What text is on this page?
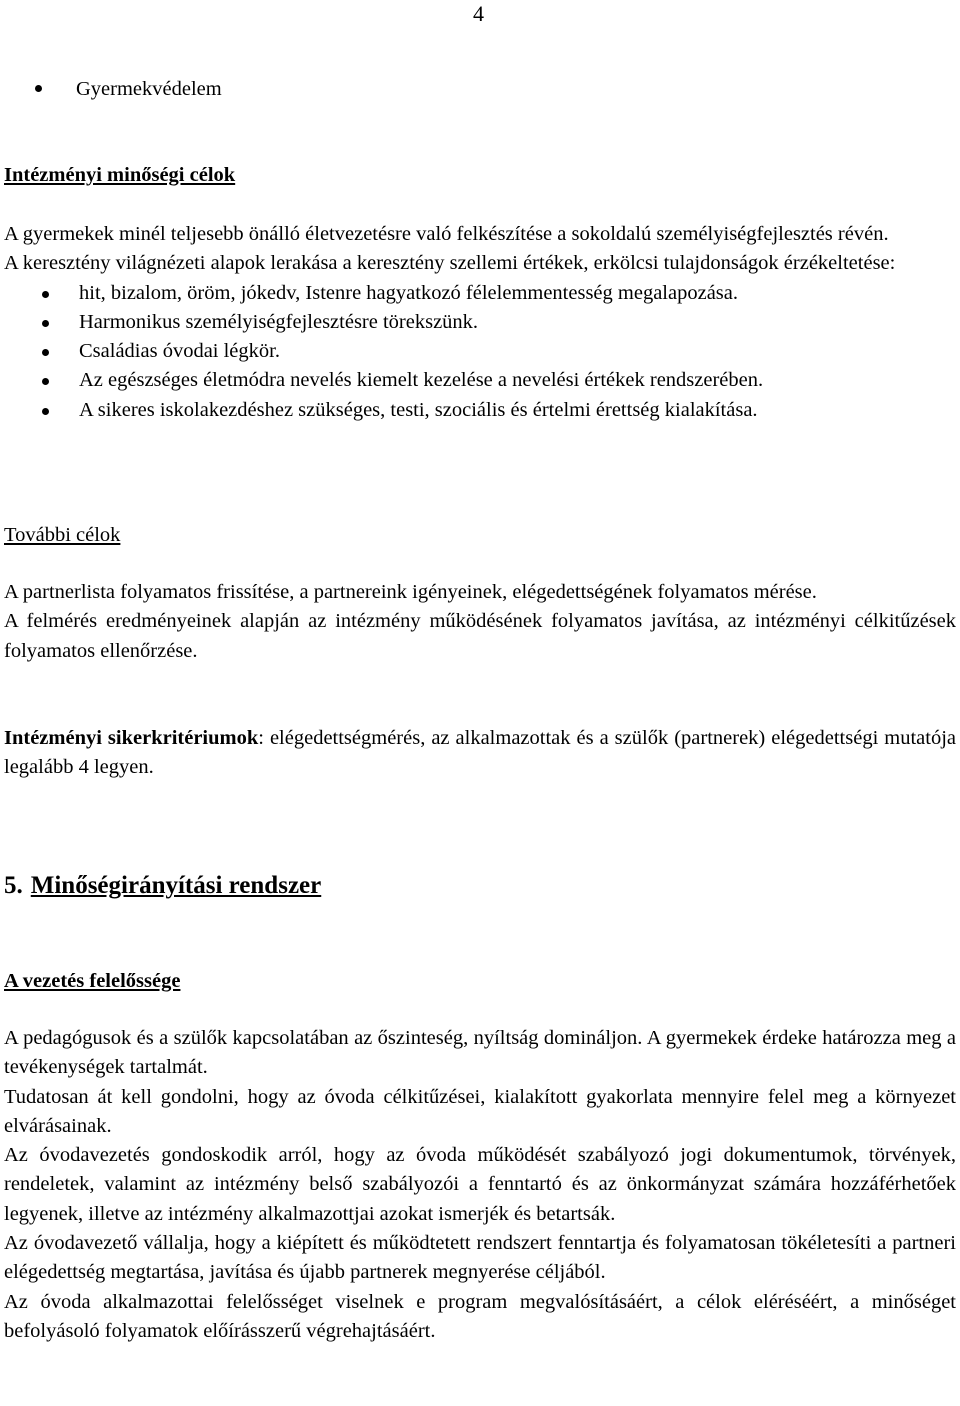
4
Gyermekvédelem
Intézményi minőségi célok

A gyermekek minél teljesebb önálló életvezetésre való felkészítése a sokoldalú személyiségfejlesztés révén.

A keresztény világnézeti alapok lerakása a keresztény szellemi értékek, erkölcsi tulajdonságok érzékeltetése:

hit, bizalom, öröm, jókedv, Istenre hagyatkozó félelemmentesség megalapozása.
Harmonikus személyiségfejlesztésre törekszünk.
Családias óvodai légkör.
Az egészséges életmódra nevelés kiemelt kezelése a nevelési értékek rendszerében.
A sikeres iskolakezdéshez szükséges, testi, szociális és értelmi érettség kialakítása.
További célok

A partnerlista folyamatos frissítése, a partnereink igényeinek, elégedettségének folyamatos mérése.

A felmérés eredményeinek alapján az intézmény működésének folyamatos javítása, az intézményi célkitűzések folyamatos ellenőrzése.

Intézményi sikerkritériumok: elégedettségmérés, az alkalmazottak és a szülők (partnerek) elégedettségi mutatója legalább 4 legyen.

5. Minőségirányítási rendszer
A vezetés felelőssége

A pedagógusok és a szülők kapcsolatában az őszinteség, nyíltság domináljon. A gyermekek érdeke határozza meg a tevékenységek tartalmát.

Tudatosan át kell gondolni, hogy az óvoda célkitűzései, kialakított gyakorlata mennyire felel meg a környezet elvárásainak.

Az óvodavezetés gondoskodik arról, hogy az óvoda működését szabályozó jogi dokumentumok, törvények, rendeletek, valamint az intézmény belső szabályozói a fenntartó és az önkormányzat számára hozzáférhetőek legyenek, illetve az intézmény alkalmazottjai azokat ismerjék és betartsák.

Az óvodavezető vállalja, hogy a kiépített és működtetett rendszert fenntartja és folyamatosan tökéletesíti a partneri elégedettség megtartása, javítása és újabb partnerek megnyerése céljából.

Az óvoda alkalmazottai felelősséget viselnek e program megvalósításáért, a célok eléréséért, a minőséget befolyásoló folyamatok előírásszerű végrehajtásáért.
